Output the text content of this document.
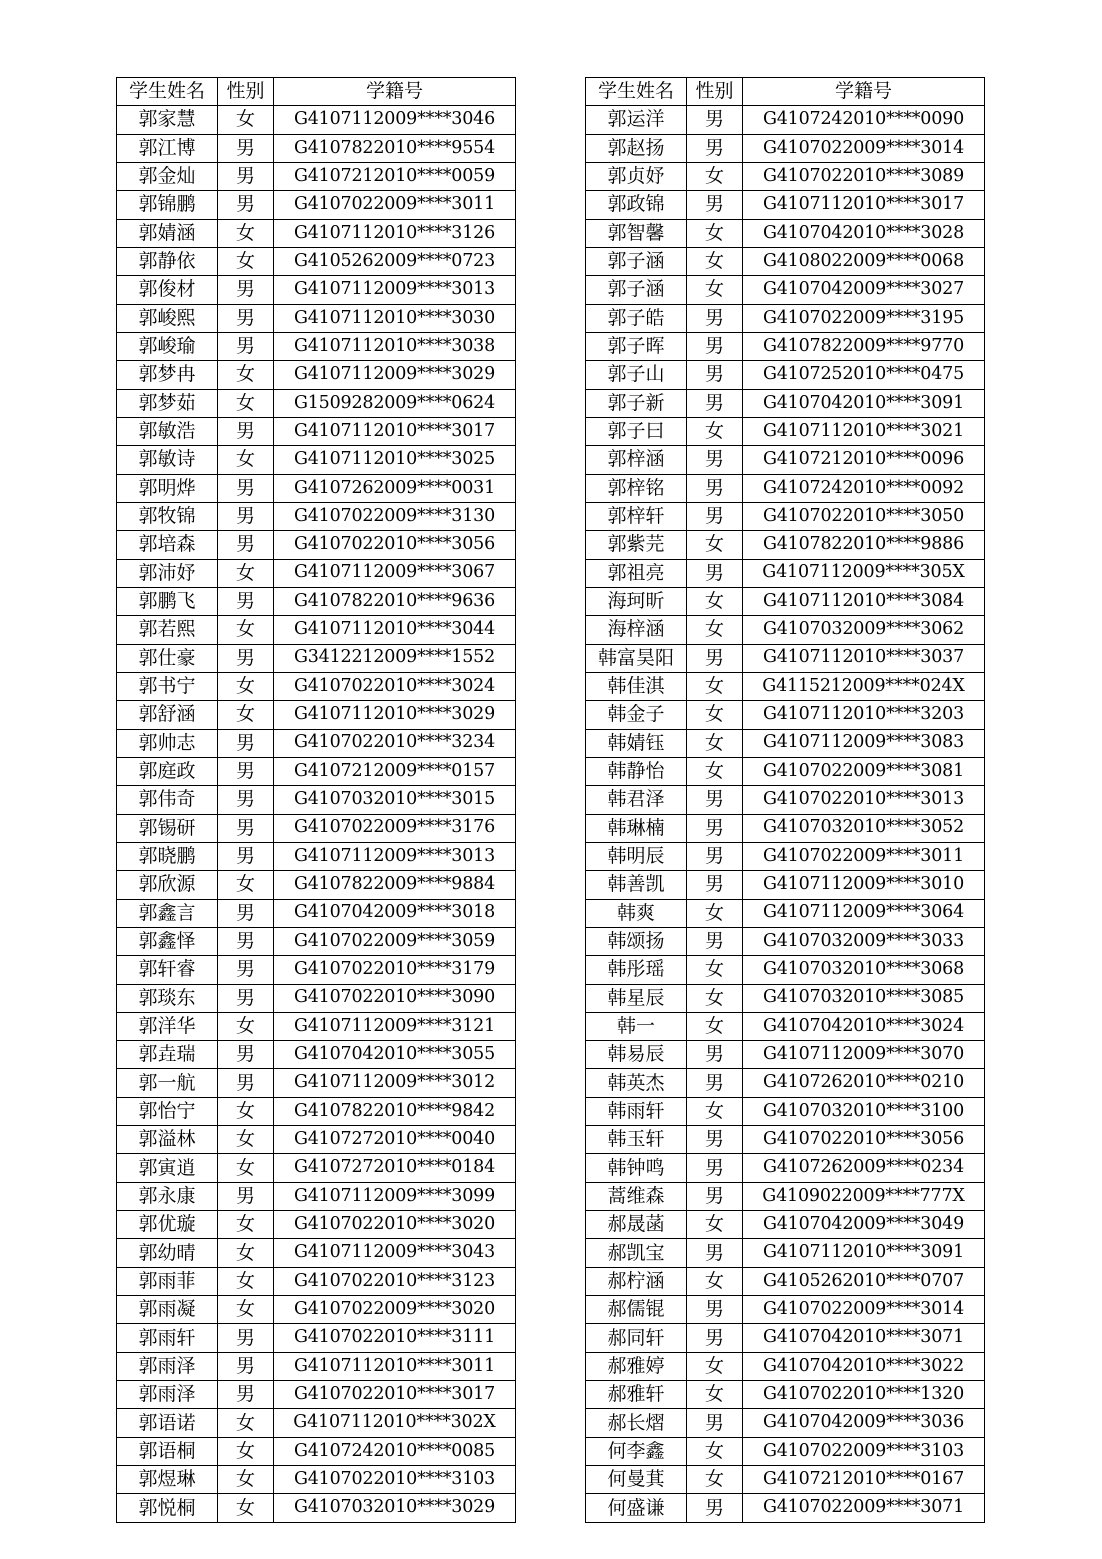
学生姓名	性别	学籍号
郭家慧	女	G4107112009****3046
郭江博	男	G4107822010****9554
郭金灿	男	G4107212010****0059
郭锦鹏	男	G4107022009****3011
郭婧涵	女	G4107112010****3126
郭静依	女	G4105262009****0723
郭俊材	男	G4107112009****3013
郭峻熙	男	G4107112010****3030
郭峻瑜	男	G4107112010****3038
郭梦冉	女	G4107112009****3029
郭梦茹	女	G1509282009****0624
郭敏浩	男	G4107112010****3017
郭敏诗	女	G4107112010****3025
郭明烨	男	G4107262009****0031
郭牧锦	男	G4107022009****3130
郭培森	男	G4107022010****3056
郭沛妤	女	G4107112009****3067
郭鹏飞	男	G4107822010****9636
郭若熙	女	G4107112010****3044
郭仕豪	男	G3412212009****1552
郭书宁	女	G4107022010****3024
郭舒涵	女	G4107112010****3029
郭帅志	男	G4107022010****3234
郭庭政	男	G4107212009****0157
郭伟奇	男	G4107032010****3015
郭锡研	男	G4107022009****3176
郭晓鹏	男	G4107112009****3013
郭欣源	女	G4107822009****9884
郭鑫言	男	G4107042009****3018
郭鑫怿	男	G4107022009****3059
郭轩睿	男	G4107022010****3179
郭琰东	男	G4107022010****3090
郭洋华	女	G4107112009****3121
郭垚瑞	男	G4107042010****3055
郭一航	男	G4107112009****3012
郭怡宁	女	G4107822010****9842
郭溢林	女	G4107272010****0040
郭寅逍	女	G4107272010****0184
郭永康	男	G4107112009****3099
郭优璇	女	G4107022010****3020
郭幼晴	女	G4107112009****3043
郭雨菲	女	G4107022010****3123
郭雨凝	女	G4107022009****3020
郭雨轩	男	G4107022010****3111
郭雨泽	男	G4107112010****3011
郭雨泽	男	G4107022010****3017
郭语诺	女	G4107112010****302X
郭语桐	女	G4107242010****0085
郭煜琳	女	G4107022010****3103
郭悦桐	女	G4107032010****3029
学生姓名	性别	学籍号
郭运洋	男	G4107242010****0090
郭赵扬	男	G4107022009****3014
郭贞妤	女	G4107022010****3089
郭政锦	男	G4107112010****3017
郭智馨	女	G4107042010****3028
郭子涵	女	G4108022009****0068
郭子涵	女	G4107042009****3027
郭子皓	男	G4107022009****3195
郭子晖	男	G4107822009****9770
郭子山	男	G4107252010****0475
郭子新	男	G4107042010****3091
郭子曰	女	G4107112010****3021
郭梓涵	男	G4107212010****0096
郭梓铭	男	G4107242010****0092
郭梓轩	男	G4107022010****3050
郭紫芫	女	G4107822010****9886
郭祖亮	男	G4107112009****305X
海珂昕	女	G4107112010****3084
海梓涵	女	G4107032009****3062
韩富昊阳	男	G4107112010****3037
韩佳淇	女	G4115212009****024X
韩金子	女	G4107112010****3203
韩婧钰	女	G4107112009****3083
韩静怡	女	G4107022009****3081
韩君泽	男	G4107022010****3013
韩琳楠	男	G4107032010****3052
韩明辰	男	G4107022009****3011
韩善凯	男	G4107112009****3010
韩爽	女	G4107112009****3064
韩颂扬	男	G4107032009****3033
韩彤瑶	女	G4107032010****3068
韩星辰	女	G4107032010****3085
韩一	女	G4107042010****3024
韩易辰	男	G4107112009****3070
韩英杰	男	G4107262010****0210
韩雨轩	女	G4107032010****3100
韩玉轩	男	G4107022010****3056
韩钟鸣	男	G4107262009****0234
蒿维森	男	G4109022009****777X
郝晟菡	女	G4107042009****3049
郝凯宝	男	G4107112010****3091
郝柠涵	女	G4105262010****0707
郝儒锟	男	G4107022009****3014
郝同轩	男	G4107042010****3071
郝雅婷	女	G4107042010****3022
郝雅轩	女	G4107022010****1320
郝长熠	男	G4107042009****3036
何李鑫	女	G4107022009****3103
何曼萁	女	G4107212010****0167
何盛谦	男	G4107022009****3071
